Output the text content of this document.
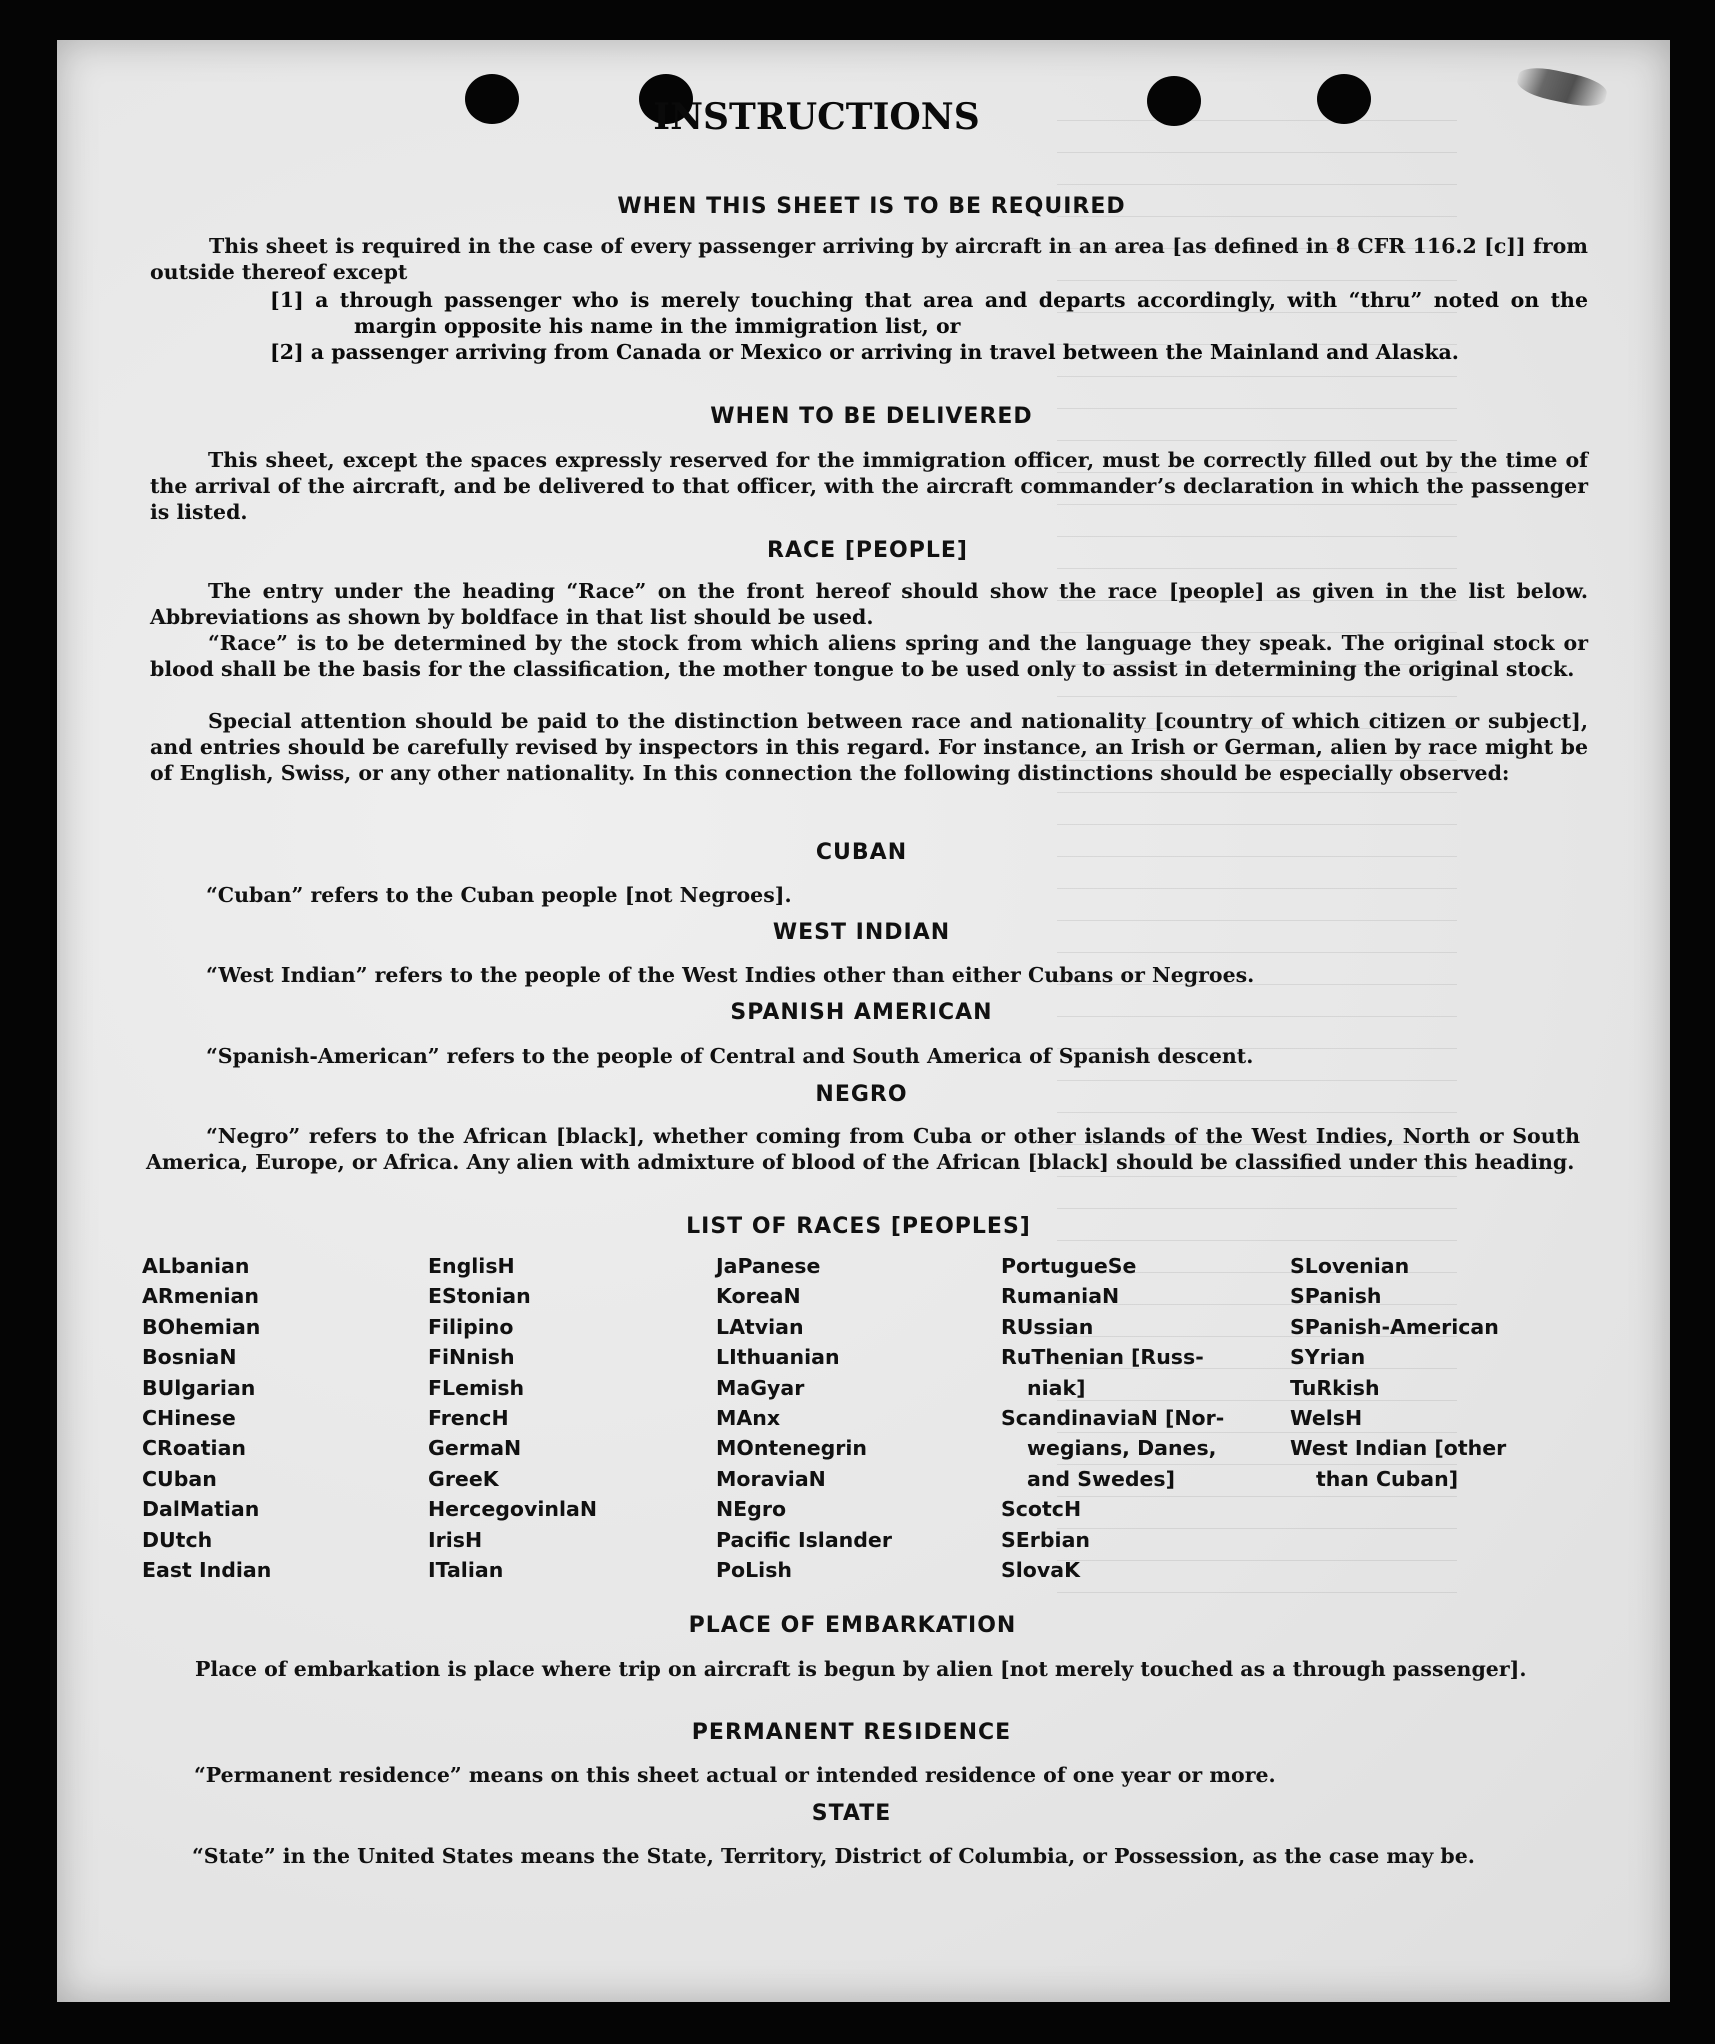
INSTRUCTIONS
WHEN THIS SHEET IS TO BE REQUIRED

This sheet is required in the case of every passenger arriving by aircraft in an area [as defined in 8 CFR 116.2 [c]] from outside thereof except

[1] a through passenger who is merely touching that area and departs accordingly, with “thru” noted on the margin opposite his name in the immigration list, or

[2] a passenger arriving from Canada or Mexico or arriving in travel between the Mainland and Alaska.

WHEN TO BE DELIVERED

This sheet, except the spaces expressly reserved for the immigration officer, must be correctly filled out by the time of the arrival of the aircraft, and be delivered to that officer, with the aircraft commander’s declaration in which the passenger is listed.

RACE [PEOPLE]

The entry under the heading “Race” on the front hereof should show the race [people] as given in the list below. Abbreviations as shown by boldface in that list should be used.

“Race” is to be determined by the stock from which aliens spring and the language they speak. The original stock or blood shall be the basis for the classification, the mother tongue to be used only to assist in determining the original stock.

Special attention should be paid to the distinction between race and nationality [country of which citizen or subject], and entries should be carefully revised by inspectors in this regard. For instance, an Irish or German, alien by race might be of English, Swiss, or any other nationality. In this connection the following distinctions should be especially observed:

CUBAN

“Cuban” refers to the Cuban people [not Negroes].

WEST INDIAN

“West Indian” refers to the people of the West Indies other than either Cubans or Negroes.

SPANISH AMERICAN

“Spanish-American” refers to the people of Central and South America of Spanish descent.

NEGRO

“Negro” refers to the African [black], whether coming from Cuba or other islands of the West Indies, North or South America, Europe, or Africa. Any alien with admixture of blood of the African [black] should be classified under this heading.

LIST OF RACES [PEOPLES]
ALbanian
ARmenian
BOhemian
BosniaN
BUlgarian
CHinese
CRoatian
CUban
DalMatian
DUtch
East Indian
EnglisH
EStonian
Filipino
FiNnish
FLemish
FrencH
GermaN
GreeK
HercegovinlaN
IrisH
ITalian
JaPanese
KoreaN
LAtvian
LIthuanian
MaGyar
MAnx
MOntenegrin
MoraviaN
NEgro
Pacific Islander
PoLish
PortugueSe
RumaniaN
RUssian
RuThenian [Russ-
niak]
ScandinaviaN [Nor-
wegians, Danes,
and Swedes]
ScotcH
SErbian
SlovaK
SLovenian
SPanish
SPanish-American
SYrian
TuRkish
WelsH
West Indian [other
than Cuban]
PLACE OF EMBARKATION

Place of embarkation is place where trip on aircraft is begun by alien [not merely touched as a through passenger].

PERMANENT RESIDENCE

“Permanent residence” means on this sheet actual or intended residence of one year or more.

STATE

“State” in the United States means the State, Territory, District of Columbia, or Possession, as the case may be.
